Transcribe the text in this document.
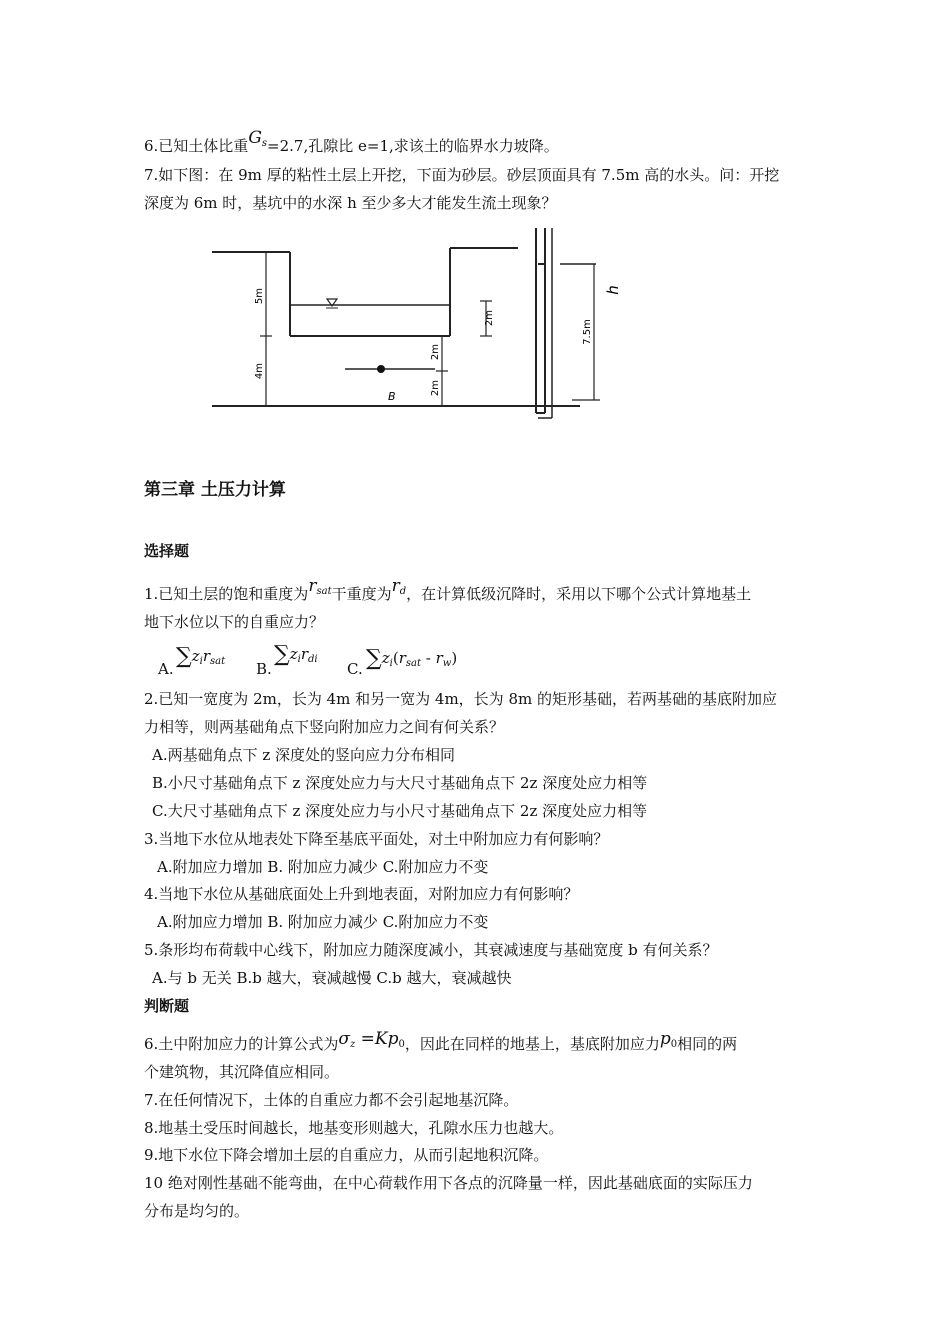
6.已知土体比重$G_s=2.7$,孔隙比 e=1,求该土的临界水力坡降。
7.如下图：在 9m 厚的粘性土层上开挖，下面为砂层。砂层顶面具有 7.5m 高的水头。问：开挖
深度为 6m 时，基坑中的水深 h 至少多大才能发生流土现象？
5m
4m
2m
2m
2m
7.5m
B
h
第三章 土压力计算
选择题
1.已知土层的饱和重度为$r_{sat}$干重度为$r_d$，在计算低级沉降时，采用以下哪个公式计算地基土
地下水位以下的自重应力？
A. $\sum z_ir_{sat}$ B.
$\sum z_ir_{di}$
C. $\sum z_i(r_{sat} - r_w)$
2.已知一宽度为 2m，长为 4m 和另一宽为 4m，长为 8m 的矩形基础，若两基础的基底附加应
力相等，则两基础角点下竖向附加应力之间有何关系？
A.两基础角点下 z 深度处的竖向应力分布相同
B.小尺寸基础角点下 z 深度处应力与大尺寸基础角点下 2z 深度处应力相等
C.大尺寸基础角点下 z 深度处应力与小尺寸基础角点下 2z 深度处应力相等
3.当地下水位从地表处下降至基底平面处，对土中附加应力有何影响？
A.附加应力增加 B. 附加应力减少 C.附加应力不变
4.当地下水位从基础底面处上升到地表面，对附加应力有何影响？
A.附加应力增加 B. 附加应力减少 C.附加应力不变
5.条形均布荷载中心线下，附加应力随深度减小，其衰减速度与基础宽度 b 有何关系？
A.与 b 无关 B.b 越大，衰减越慢 C.b 越大，衰减越快
判断题
6.土中附加应力的计算公式为$\sigma_z =Kp_0$，因此在同样的地基上，基底附加应力$p_0$相同的两
个建筑物，其沉降值应相同。
7.在任何情况下，土体的自重应力都不会引起地基沉降。
8.地基土受压时间越长，地基变形则越大，孔隙水压力也越大。
9.地下水位下降会增加土层的自重应力，从而引起地积沉降。
10 绝对刚性基础不能弯曲，在中心荷载作用下各点的沉降量一样，因此基础底面的实际压力
分布是均匀的。
